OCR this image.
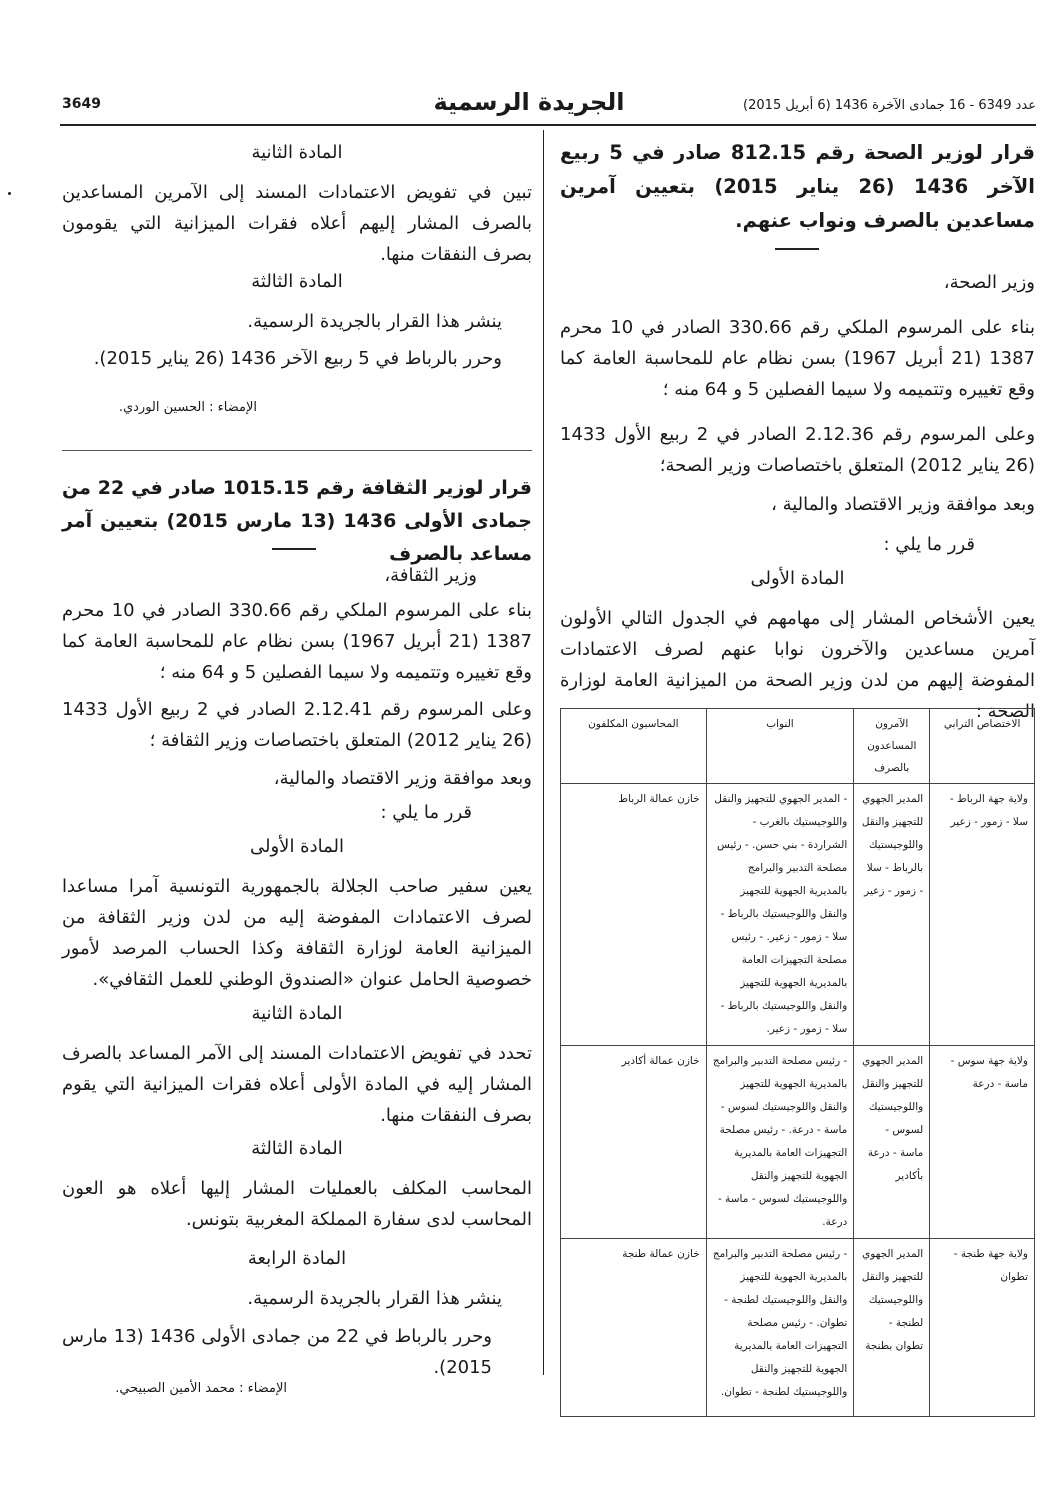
3649	الجريدة الرسمية	عدد 6349 - 16 جمادى الآخرة 1436 (6 أبريل 2015)
قرار لوزير الصحة رقم 812.15 صادر في 5 ربيع الآخر 1436 (26 يناير 2015) بتعيين آمرين مساعدين بالصرف ونواب عنهم.
وزير الصحة،
بناء على المرسوم الملكي رقم 330.66 الصادر في 10 محرم 1387 (21 أبريل 1967) بسن نظام عام للمحاسبة العامة كما وقع تغييره وتتميمه ولا سيما الفصلين 5 و 64 منه ؛
وعلى المرسوم رقم 2.12.36 الصادر في 2 ربيع الأول 1433 (26 يناير 2012) المتعلق باختصاصات وزير الصحة؛
وبعد موافقة وزير الاقتصاد والمالية ،
قرر ما يلي :
المادة الأولى
يعين الأشخاص المشار إلى مهامهم في الجدول التالي الأولون آمرين مساعدين والآخرون نوابا عنهم لصرف الاعتمادات المفوضة إليهم من لدن وزير الصحة من الميزانية العامة لوزارة الصحة :
الاختصاص الترابي	الآمرون المساعدون بالصرف	النواب	المحاسبون المكلفون
ولاية جهة الرباط - سلا - زمور - زعير	المدير الجهوي للتجهيز والنقل واللوجيستيك بالرباط - سلا - زمور - زعير	- المدير الجهوي للتجهيز والنقل واللوجيستيك بالغرب - الشراردة - بني حسن. - رئيس مصلحة التدبير والبرامج بالمديرية الجهوية للتجهيز والنقل واللوجيستيك بالرباط - سلا - زمور - زعير. - رئيس مصلحة التجهيزات العامة بالمديرية الجهوية للتجهيز والنقل واللوجيستيك بالرباط - سلا - زمور - زعير.	خازن عمالة الرباط
ولاية جهة سوس - ماسة - درعة	المدير الجهوي للتجهيز والنقل واللوجيستيك لسوس - ماسة - درعة بأكادير	- رئيس مصلحة التدبير والبرامج بالمديرية الجهوية للتجهيز والنقل واللوجيستيك لسوس - ماسة - درعة. - رئيس مصلحة التجهيزات العامة بالمديرية الجهوية للتجهيز والنقل واللوجيستيك لسوس - ماسة - درعة.	خازن عمالة أكادير
ولاية جهة طنجة - تطوان	المدير الجهوي للتجهيز والنقل واللوجيستيك لطنجة - تطوان بطنجة	- رئيس مصلحة التدبير والبرامج بالمديرية الجهوية للتجهيز والنقل واللوجيستيك لطنجة - تطوان. - رئيس مصلحة التجهيزات العامة بالمديرية الجهوية للتجهيز والنقل واللوجيستيك لطنجة - تطوان.	خازن عمالة طنجة
المادة الثانية
تبين في تفويض الاعتمادات المسند إلى الآمرين المساعدين بالصرف المشار إليهم أعلاه فقرات الميزانية التي يقومون بصرف النفقات منها.
المادة الثالثة
ينشر هذا القرار بالجريدة الرسمية.
وحرر بالرباط في 5 ربيع الآخر 1436 (26 يناير 2015).
الإمضاء : الحسين الوردي.
قرار لوزير الثقافة رقم 1015.15 صادر في 22 من جمادى الأولى 1436 (13 مارس 2015) بتعيين آمر مساعد بالصرف
وزير الثقافة،
بناء على المرسوم الملكي رقم 330.66 الصادر في 10 محرم 1387 (21 أبريل 1967) بسن نظام عام للمحاسبة العامة كما وقع تغييره وتتميمه ولا سيما الفصلين 5 و 64 منه ؛
وعلى المرسوم رقم 2.12.41 الصادر في 2 ربيع الأول 1433 (26 يناير 2012) المتعلق باختصاصات وزير الثقافة ؛
وبعد موافقة وزير الاقتصاد والمالية،
قرر ما يلي :
المادة الأولى
يعين سفير صاحب الجلالة بالجمهورية التونسية آمرا مساعدا لصرف الاعتمادات المفوضة إليه من لدن وزير الثقافة من الميزانية العامة لوزارة الثقافة وكذا الحساب المرصد لأمور خصوصية الحامل عنوان «الصندوق الوطني للعمل الثقافي».
المادة الثانية
تحدد في تفويض الاعتمادات المسند إلى الآمر المساعد بالصرف المشار إليه في المادة الأولى أعلاه فقرات الميزانية التي يقوم بصرف النفقات منها.
المادة الثالثة
المحاسب المكلف بالعمليات المشار إليها أعلاه هو العون المحاسب لدى سفارة المملكة المغربية بتونس.
المادة الرابعة
ينشر هذا القرار بالجريدة الرسمية.
وحرر بالرباط في 22 من جمادى الأولى 1436 (13 مارس 2015).
الإمضاء : محمد الأمين الصبيحي.
